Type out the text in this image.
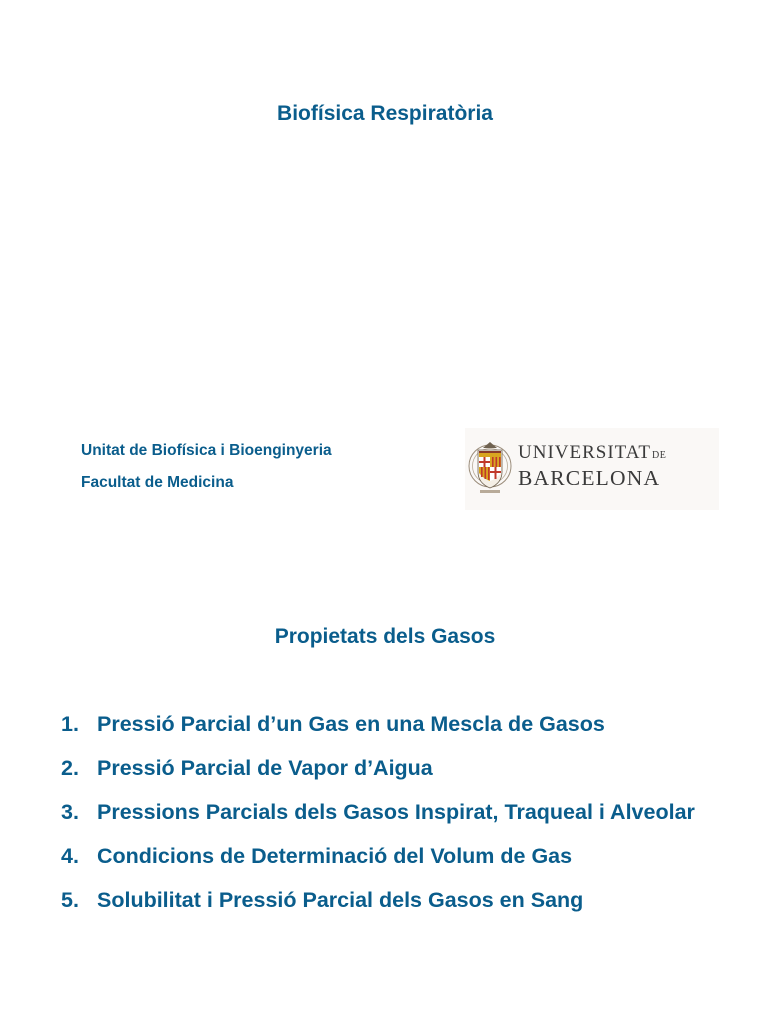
Biofísica Respiratòria
Unitat de Biofísica i Bioenginyeria
Facultat de Medicina
UNIVERSITATDE
BARCELONA
Propietats dels Gasos
1. Pressió Parcial d’un Gas en una Mescla de Gasos
2. Pressió Parcial de Vapor d’Aigua
3. Pressions Parcials dels Gasos Inspirat, Traqueal i Alveolar
4. Condicions de Determinació del Volum de Gas
5. Solubilitat i Pressió Parcial dels Gasos en Sang
